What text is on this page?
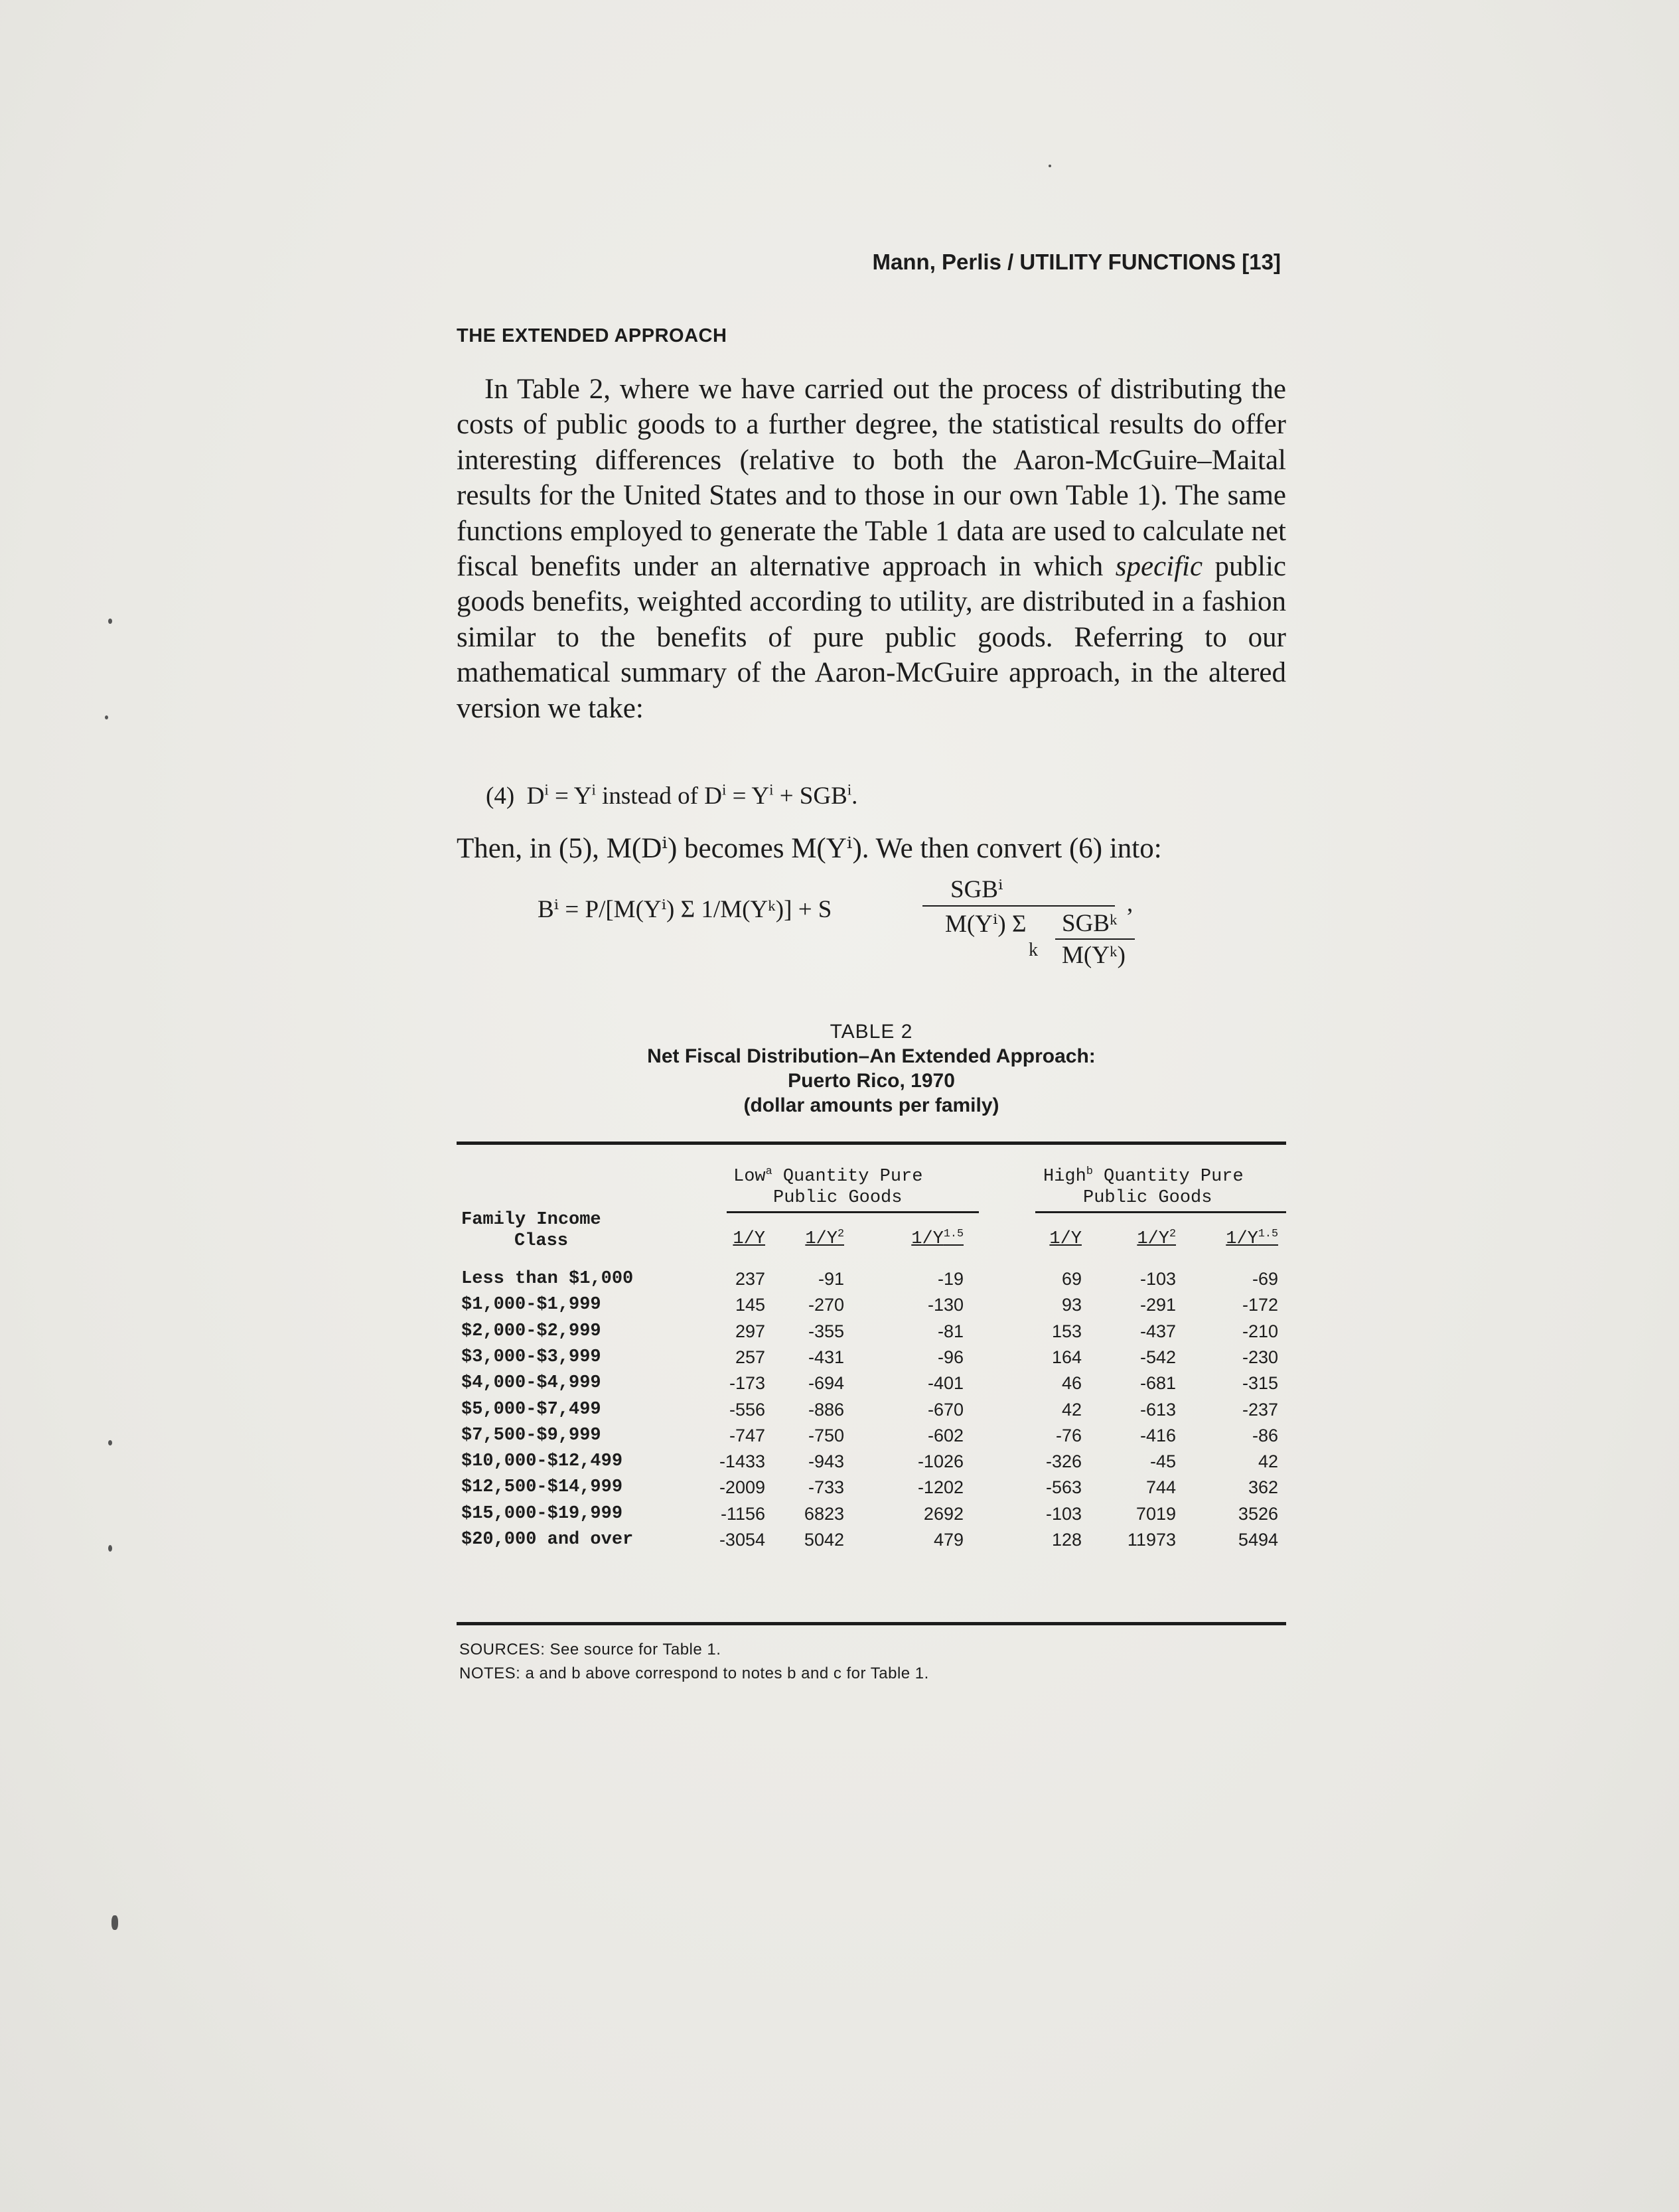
Mann, Perlis / UTILITY FUNCTIONS [13]
THE EXTENDED APPROACH
In Table 2, where we have carried out the process of distributing the costs of public goods to a further degree, the statistical results do offer interesting differences (relative to both the Aaron-McGuire–Maital results for the United States and to those in our own Table 1). The same functions employed to generate the Table 1 data are used to calculate net fiscal benefits under an alternative approach in which specific public goods benefits, weighted according to utility, are distributed in a fashion similar to the benefits of pure public goods. Referring to our mathematical summary of the Aaron-McGuire approach, in the altered version we take:
(4) $D^i = Y^i$ instead of $D^i = Y^i + SGB^i$.
Then, in (5), M(Dⁱ) becomes M(Yⁱ). We then convert (6) into:
Bⁱ = P/[M(Yⁱ) Σ 1/M(Yᵏ)] + S
SGBⁱ
M(Yⁱ) Σ SGBᵏ
k M(Yᵏ)
,
TABLE 2
Net Fiscal Distribution–An Extended Approach:
Puerto Rico, 1970
(dollar amounts per family)
Low$^a$ Quantity Pure
Public Goods
High$^b$ Quantity Pure
Public Goods
Family Income
Class	1/Y	$1/Y^2$	$1/Y^{1.5}$	1/Y	$1/Y^2$	$1/Y^{1.5}$
Less than $1,000	237	-91	-19	69	-103	-69
$1,000-$1,999	145	-270	-130	93	-291	-172
$2,000-$2,999	297	-355	-81	153	-437	-210
$3,000-$3,999	257	-431	-96	164	-542	-230
$4,000-$4,999	-173	-694	-401	46	-681	-315
$5,000-$7,499	-556	-886	-670	42	-613	-237
$7,500-$9,999	-747	-750	-602	-76	-416	-86
$10,000-$12,499	-1433	-943	-1026	-326	-45	42
$12,500-$14,999	-2009	-733	-1202	-563	744	362
$15,000-$19,999	-1156	6823	2692	-103	7019	3526
$20,000 and over	-3054	5042	479	128	11973	5494
SOURCES: See source for Table 1.
NOTES: a and b above correspond to notes b and c for Table 1.
